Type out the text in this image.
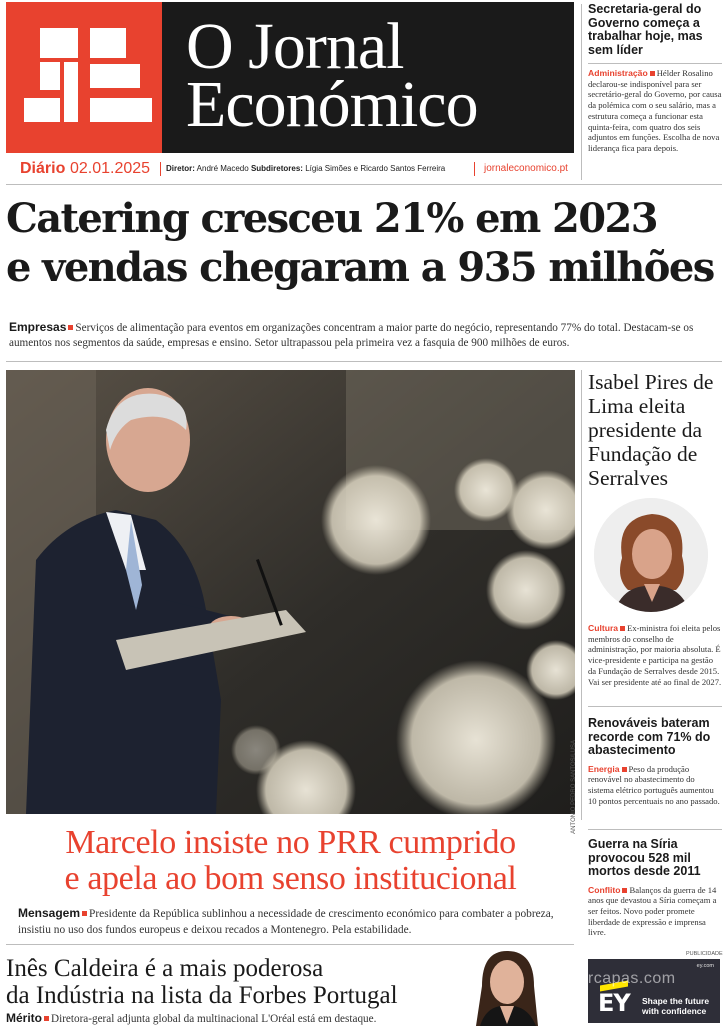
O Jornal
Económico
Diário 02.01.2025 Diretor: André Macedo Subdiretores: Lígia Simões e Ricardo Santos Ferreira	jornaleconomico.pt
Secretaria-geral do Governo começa a trabalhar hoje, mas sem líder
Administração Hélder Rosalino declarou-se indisponível para ser secretário-geral do Governo, por causa da polémica com o seu salário, mas a estrutura começa a funcionar esta quinta-feira, com quatro dos seis adjuntos em funções. Escolha de nova liderança fica para depois.
Catering cresceu 21% em 2023
e vendas chegaram a 935 milhões
Empresas Serviços de alimentação para eventos em organizações concentram a maior parte do negócio, representando 77% do total. Destacam-se os aumentos nos segmentos da saúde, empresas e ensino. Setor ultrapassou pela primeira vez a fasquia de 900 milhões de euros.
ANTÓNIO PEDRO SANTOS/LUSA
Marcelo insiste no PRR cumprido
e apela ao bom senso institucional
Mensagem Presidente da República sublinhou a necessidade de crescimento económico para combater a pobreza, insistiu no uso dos fundos europeus e deixou recados a Montenegro. Pela estabilidade.
Inês Caldeira é a mais poderosa
da Indústria na lista da Forbes Portugal
Mérito Diretora-geral adjunta global da multinacional L'Oréal está em destaque.
Isabel Pires de Lima eleita presidente da Fundação de Serralves
Cultura Ex-ministra foi eleita pelos membros do conselho de administração, por maioria absoluta. É vice-presidente e participa na gestão da Fundação de Serralves desde 2015. Vai ser presidente até ao final de 2027.
Renováveis bateram recorde com 71% do abastecimento
Energia Peso da produção renovável no abastecimento do sistema elétrico português aumentou 10 pontos percentuais no ano passado.
Guerra na Síria provocou 528 mil mortos desde 2011
Conflito Balanços da guerra de 14 anos que devastou a Síria começam a ser feitos. Novo poder promete liberdade de expressão e imprensa livre.
PUBLICIDADE
ey.com
EY Shape the future
with confidence
vercapas.com
